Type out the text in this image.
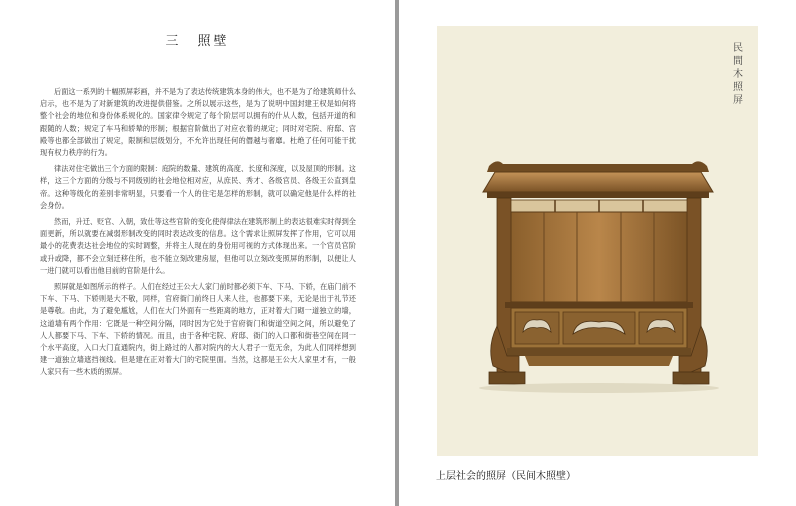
三　照壁

后面这一系列的十幅照屏彩画，并不是为了表达传统建筑本身的伟大，也不是为了给建筑师什么启示，也不是为了对新建筑的改进提供借鉴。之所以展示这些，是为了说明中国封建王权是如何将整个社会的地位和身份体系规化的。国家律令规定了每个阶层可以拥有的什从人数，包括开道的和跟随的人数；规定了车马和轿辇的形制；根据官阶做出了对应衣着的规定；同时对宅院、府邸、宫殿等也都全部做出了规定，限制和层级划分，不允许出现任何的僭越与奢靡。杜绝了任何可能干扰现有权力秩序的行为。

律法对住宅做出三个方面的限制：庭院的数量、建筑的高度、长度和深度，以及屋顶的形制。这样，这三个方面的分级与不同级别的社会地位相对应，从庶民、秀才、各级官员、各级王公直到皇帝。这种等级化的差别非常明显，只要看一个人的住宅是怎样的形制，就可以确定他是什么样的社会身份。

然而，升迁、贬官、入朝，致仕等这些官阶的变化使得律法在建筑形制上的表达很难实时得到全面更新，所以就要在减弱形制改变的同时表达改变的信息。这个需求让照屏发挥了作用，它可以用最小的花费表达社会地位的实时调整，并将主人现在的身份用可视的方式体现出来。一个官员官阶或升或降，都不会立刻迁移住所，也不能立刻改建房屋，但他可以立刻改变照屏的形制，以便让人一进门就可以看出他目前的官阶是什么。

照屏就是如图所示的样子。人们在经过王公大人家门前时都必须下车、下马、下轿，在庙门前不下车、下马、下轿则是大不敬，同样，官府衙门前终日人来人往，也都要下来，无论是出于礼节还是尊敬。由此，为了避免尴尬，人们在大门外面有一些距离的地方，正对着大门砌一道独立的墙，这道墙有两个作用：它既是一种空间分隔，同时因为它处于官府衙门和街道空间之间，所以避免了人人都要下马、下车、下轿的情况。而且，由于各种宅院、府邸、衙门的入口都和街巷空间在同一个水平高度，入口大门直通院内，街上路过的人都对院内的大人君子一览无余，为此人们同样想到建一道独立墙遮挡视线。但是建在正对着大门的宅院里面。当然，这都是王公大人家里才有，一般人家只有一些木质的照屏。

民間木照屏
上层社会的照屏（民间木照壁）
